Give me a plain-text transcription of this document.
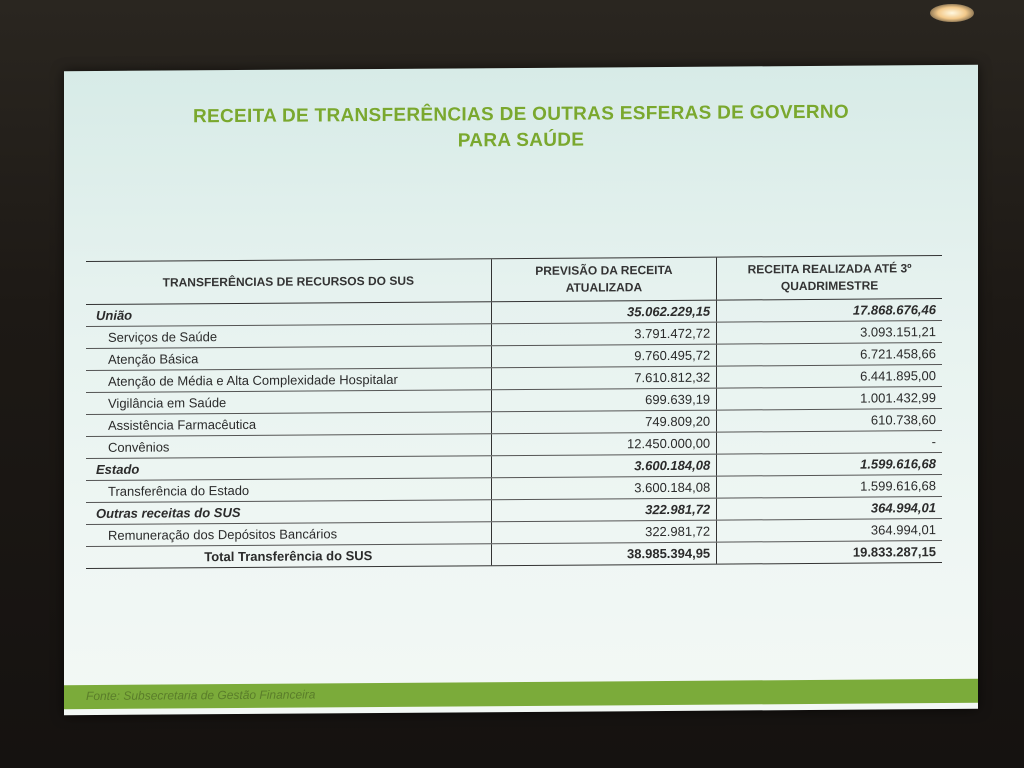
RECEITA DE TRANSFERÊNCIAS DE OUTRAS ESFERAS DE GOVERNO
PARA SAÚDE
TRANSFERÊNCIAS DE RECURSOS DO SUS	PREVISÃO DA RECEITA ATUALIZADA	RECEITA REALIZADA ATÉ 3º QUADRIMESTRE
União	35.062.229,15	17.868.676,46
Serviços de Saúde	3.791.472,72	3.093.151,21
Atenção Básica	9.760.495,72	6.721.458,66
Atenção de Média e Alta Complexidade Hospitalar	7.610.812,32	6.441.895,00
Vigilância em Saúde	699.639,19	1.001.432,99
Assistência Farmacêutica	749.809,20	610.738,60
Convênios	12.450.000,00	-
Estado	3.600.184,08	1.599.616,68
Transferência do Estado	3.600.184,08	1.599.616,68
Outras receitas do SUS	322.981,72	364.994,01
Remuneração dos Depósitos Bancários	322.981,72	364.994,01
Total Transferência do SUS	38.985.394,95	19.833.287,15
Fonte: Subsecretaria de Gestão Financeira
